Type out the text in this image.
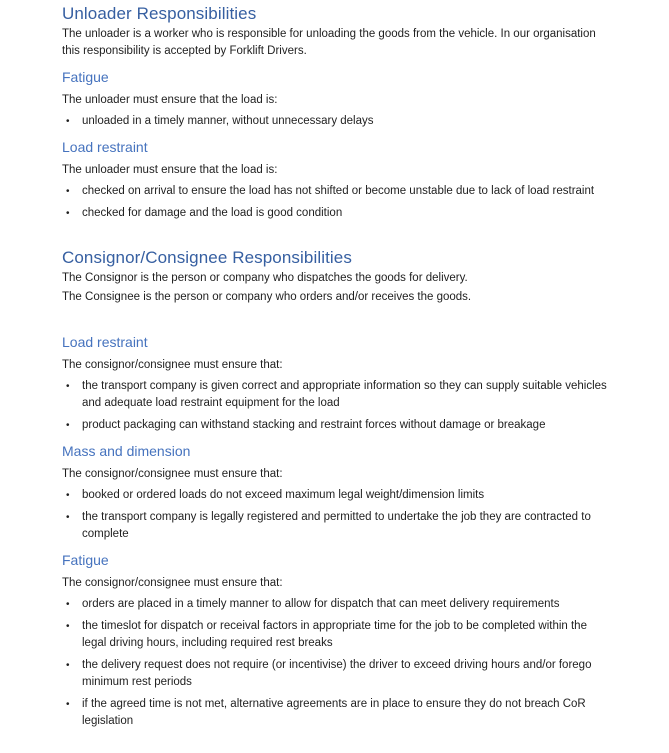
Unloader Responsibilities

The unloader is a worker who is responsible for unloading the goods from the vehicle. In our organisation this responsibility is accepted by Forklift Drivers.

Fatigue

The unloader must ensure that the load is:

•	unloaded in a timely manner, without unnecessary delays
Load restraint

The unloader must ensure that the load is:

•	checked on arrival to ensure the load has not shifted or become unstable due to lack of load restraint
•	checked for damage and the load is good condition
Consignor/Consignee Responsibilities

The Consignor is the person or company who dispatches the goods for delivery.

The Consignee is the person or company who orders and/or receives the goods.

Load restraint

The consignor/consignee must ensure that:

•	the transport company is given correct and appropriate information so they can supply suitable vehicles and adequate load restraint equipment for the load
•	product packaging can withstand stacking and restraint forces without damage or breakage
Mass and dimension

The consignor/consignee must ensure that:

•	booked or ordered loads do not exceed maximum legal weight/dimension limits
•	the transport company is legally registered and permitted to undertake the job they are contracted to complete
Fatigue

The consignor/consignee must ensure that:

•	orders are placed in a timely manner to allow for dispatch that can meet delivery requirements
•	the timeslot for dispatch or receival factors in appropriate time for the job to be completed within the legal driving hours, including required rest breaks
•	the delivery request does not require (or incentivise) the driver to exceed driving hours and/or forego minimum rest periods
•	if the agreed time is not met, alternative agreements are in place to ensure they do not breach CoR legislation
